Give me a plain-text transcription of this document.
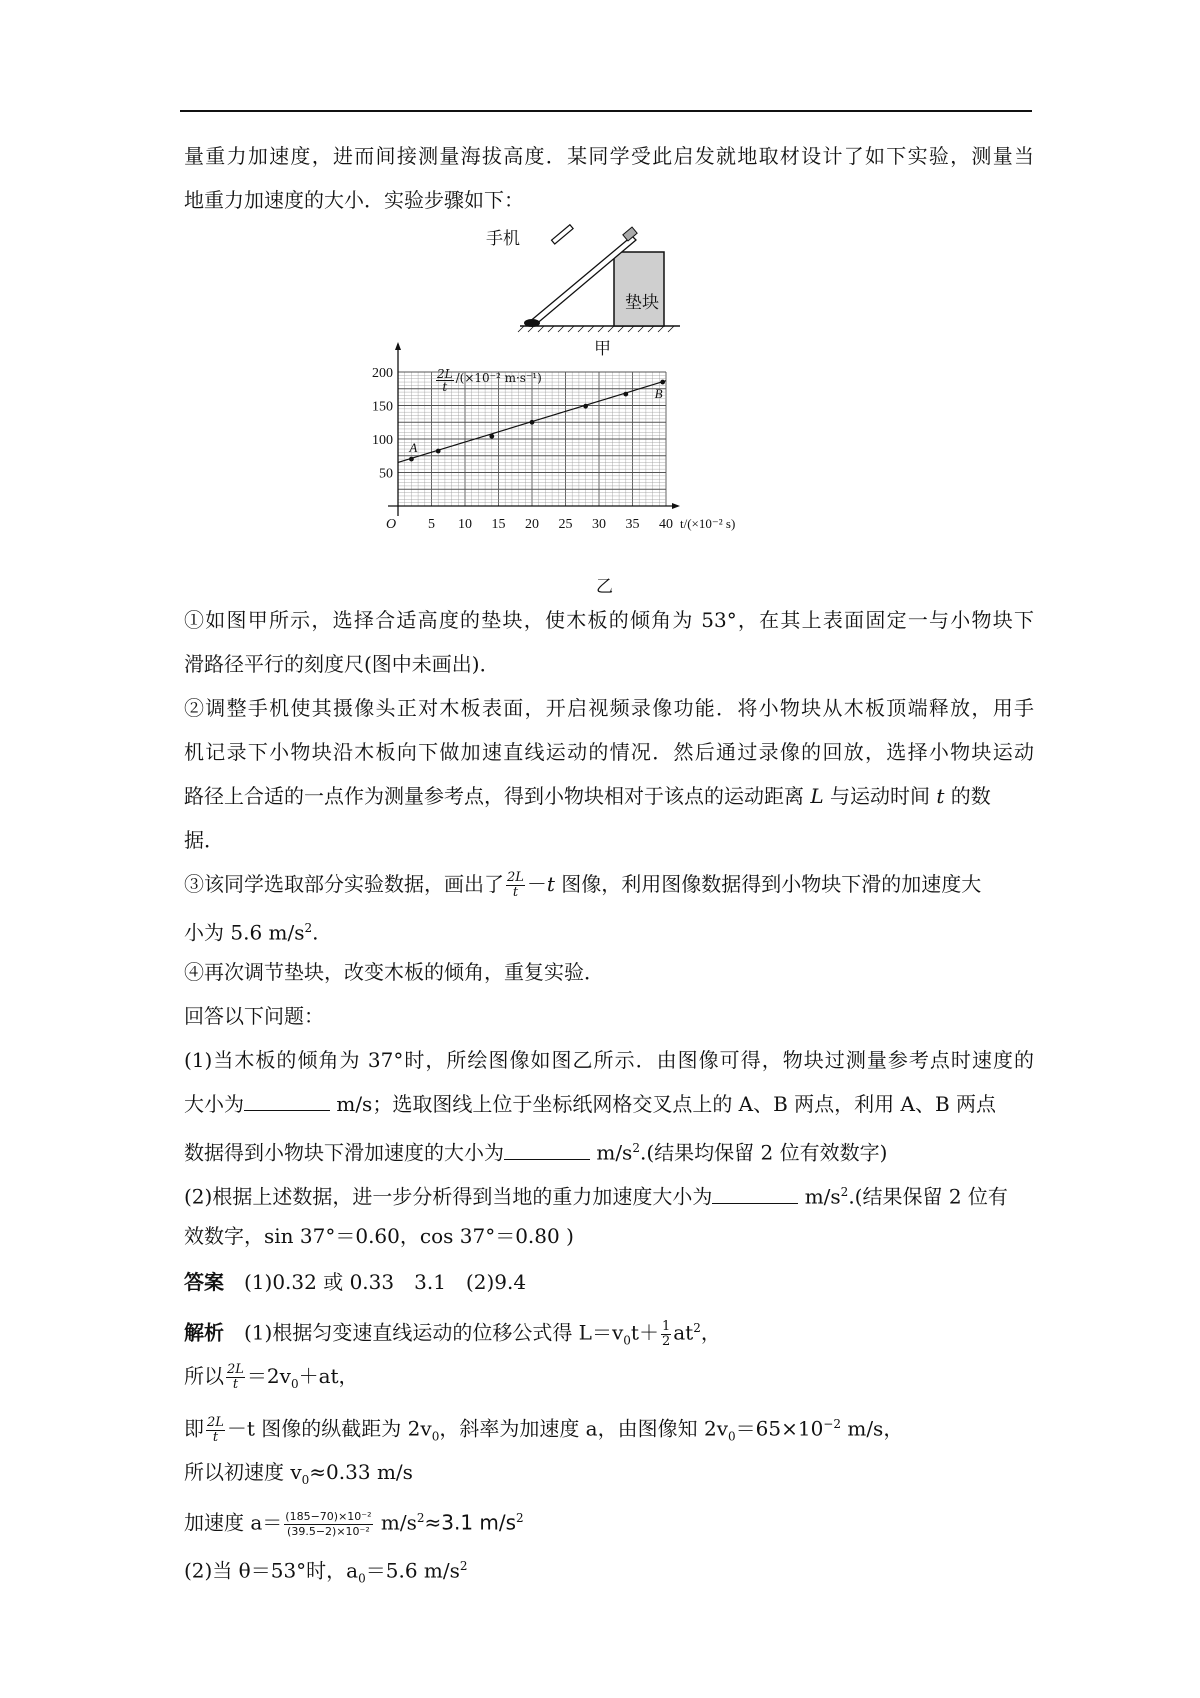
量重力加速度，进而间接测量海拔高度．某同学受此启发就地取材设计了如下实验，测量当
地重力加速度的大小．实验步骤如下：
手机
垫块
甲
A
B
5 10 15 20 25 30 35 40
50
100
150
200
O	t/(×10⁻² s)
$\frac{2L}{t} /(\times 10^{-2}$ m·s⁻¹)
乙
①如图甲所示，选择合适高度的垫块，使木板的倾角为 53°，在其上表面固定一与小物块下
滑路径平行的刻度尺(图中未画出)．
②调整手机使其摄像头正对木板表面，开启视频录像功能．将小物块从木板顶端释放，用手
机记录下小物块沿木板向下做加速直线运动的情况．然后通过录像的回放，选择小物块运动
路径上合适的一点作为测量参考点，得到小物块相对于该点的运动距离 L 与运动时间 t 的数
据．
③该同学选取部分实验数据，画出了 $\frac{2L}{t} -t$ 图像，利用图像数据得到小物块下滑的加速度大
小为 5.6 $m/s^2$.
④再次调节垫块，改变木板的倾角，重复实验．
回答以下问题：
(1)当木板的倾角为 37°时，所绘图像如图乙所示．由图像可得，物块过测量参考点时速度的
大小为	m/s；选取图线上位于坐标纸网格交叉点上的 A、B 两点，利用 A、B 两点
数据得到小物块下滑加速度的大小为	$m/s^2$.(结果均保留 2 位有效数字)
(2)根据上述数据，进一步分析得到当地的重力加速度大小为	$m/s^2$.(结果保留 2 位有
效数字，sin 37°＝0.60，cos 37°＝0.80 )
答案　 (1)0.32 或 0.33　3.1　(2)9.4
解析　 (1)根据匀变速直线运动的位移公式得 $L=v_0t+ \frac{1}{2} at^2$，
所以 $\frac{2L}{t} =2v_0+at$，
即 $\frac{2L}{t} -t$ 图像的纵截距为 $2v_0$，斜率为加速度 a，由图像知 $2v_0=65\times 10^{-2}$ m/s，
所以初速度 $v_0\approx 0.33$ m/s
加速度 $a= \frac{\text{(185−70)×10⁻²}}{\text{(39.5−2)×10⁻²}} m/s^2\approx 3.1$ $m/s^2$
(2)当 θ＝53°时，$a_0=5.6$ $m/s^2$
